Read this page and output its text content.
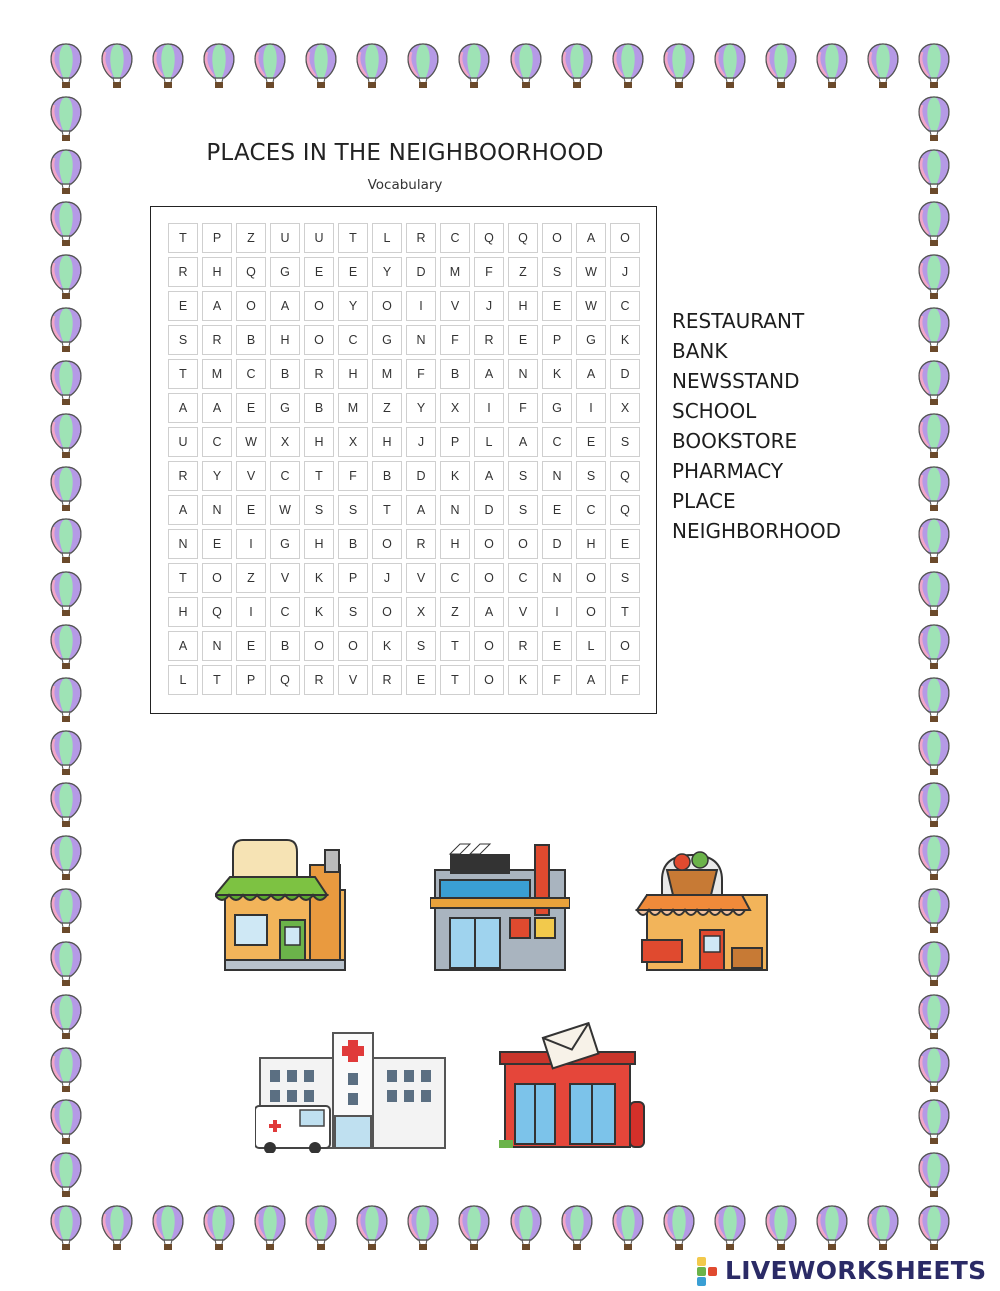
PLACES IN THE NEIGHBOORHOOD
Vocabulary
T	P	Z	U	U	T	L	R	C	Q	Q	O	A	O
R	H	Q	G	E	E	Y	D	M	F	Z	S	W	J
E	A	O	A	O	Y	O	I	V	J	H	E	W	C
S	R	B	H	O	C	G	N	F	R	E	P	G	K
T	M	C	B	R	H	M	F	B	A	N	K	A	D
A	A	E	G	B	M	Z	Y	X	I	F	G	I	X
U	C	W	X	H	X	H	J	P	L	A	C	E	S
R	Y	V	C	T	F	B	D	K	A	S	N	S	Q
A	N	E	W	S	S	T	A	N	D	S	E	C	Q
N	E	I	G	H	B	O	R	H	O	O	D	H	E
T	O	Z	V	K	P	J	V	C	O	C	N	O	S
H	Q	I	C	K	S	O	X	Z	A	V	I	O	T
A	N	E	B	O	O	K	S	T	O	R	E	L	O
L	T	P	Q	R	V	R	E	T	O	K	F	A	F
RESTAURANT
BANK
NEWSSTAND
SCHOOL
BOOKSTORE
PHARMACY
PLACE
NEIGHBORHOOD
LIVEWORKSHEETS
